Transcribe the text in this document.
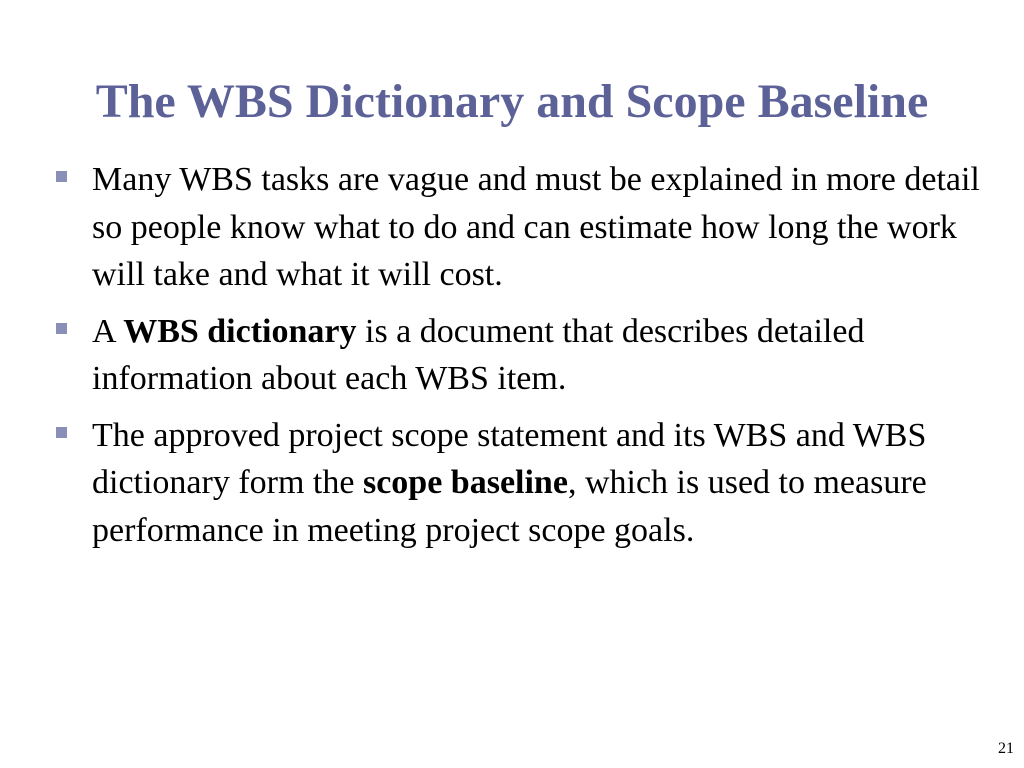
The WBS Dictionary and Scope Baseline
Many WBS tasks are vague and must be explained in more detail so people know what to do and can estimate how long the work will take and what it will cost.
A WBS dictionary is a document that describes detailed information about each WBS item.
The approved project scope statement and its WBS and WBS dictionary form the scope baseline, which is used to measure performance in meeting project scope goals.
21
